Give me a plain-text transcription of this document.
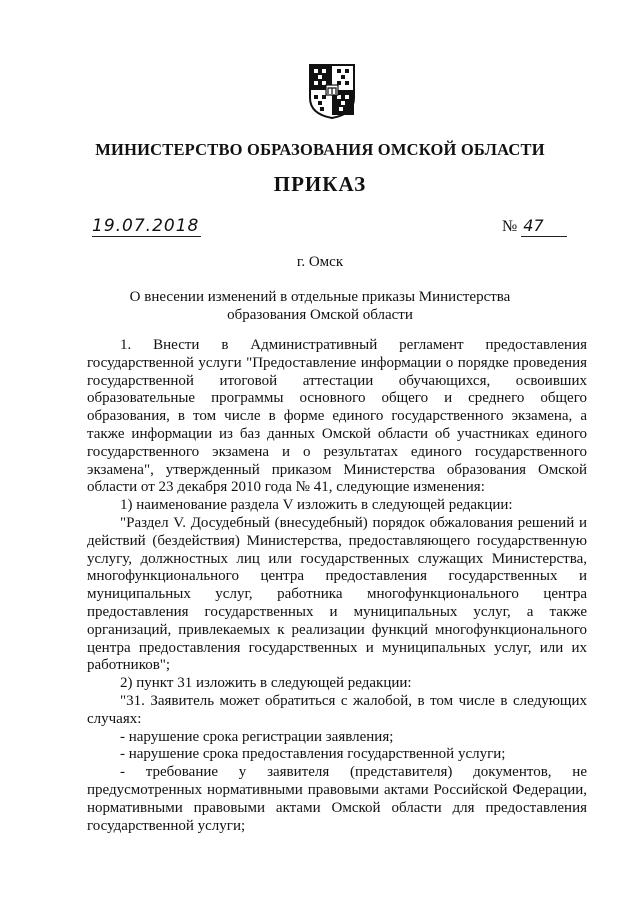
МИНИСТЕРСТВО ОБРАЗОВАНИЯ ОМСКОЙ ОБЛАСТИ
ПРИКАЗ
19.07.2018	№ 47
г. Омск
О внесении изменений в отдельные приказы Министерства
образования Омской области

1. Внести в Административный регламент предоставления государственной услуги "Предоставление информации о порядке проведения государственной итоговой аттестации обучающихся, освоивших образовательные программы основного общего и среднего общего образования, в том числе в форме единого государственного экзамена, а также информации из баз данных Омской области об участниках единого государственного экзамена и о результатах единого государственного экзамена", утвержденный приказом Министерства образования Омской области от 23 декабря 2010 года № 41, следующие изменения:

1) наименование раздела V изложить в следующей редакции:

"Раздел V. Досудебный (внесудебный) порядок обжалования решений и действий (бездействия) Министерства, предоставляющего государственную услугу, должностных лиц или государственных служащих Министерства, многофункционального центра предоставления государственных и муниципальных услуг, работника многофункционального центра предоставления государственных и муниципальных услуг, а также организаций, привлекаемых к реализации функций многофункционального центра предоставления государственных и муниципальных услуг, или их работников";

2) пункт 31 изложить в следующей редакции:

"31. Заявитель может обратиться с жалобой, в том числе в следующих случаях:

- нарушение срока регистрации заявления;

- нарушение срока предоставления государственной услуги;

- требование у заявителя (представителя) документов, не предусмотренных нормативными правовыми актами Российской Федерации, нормативными правовыми актами Омской области для предоставления государственной услуги;
